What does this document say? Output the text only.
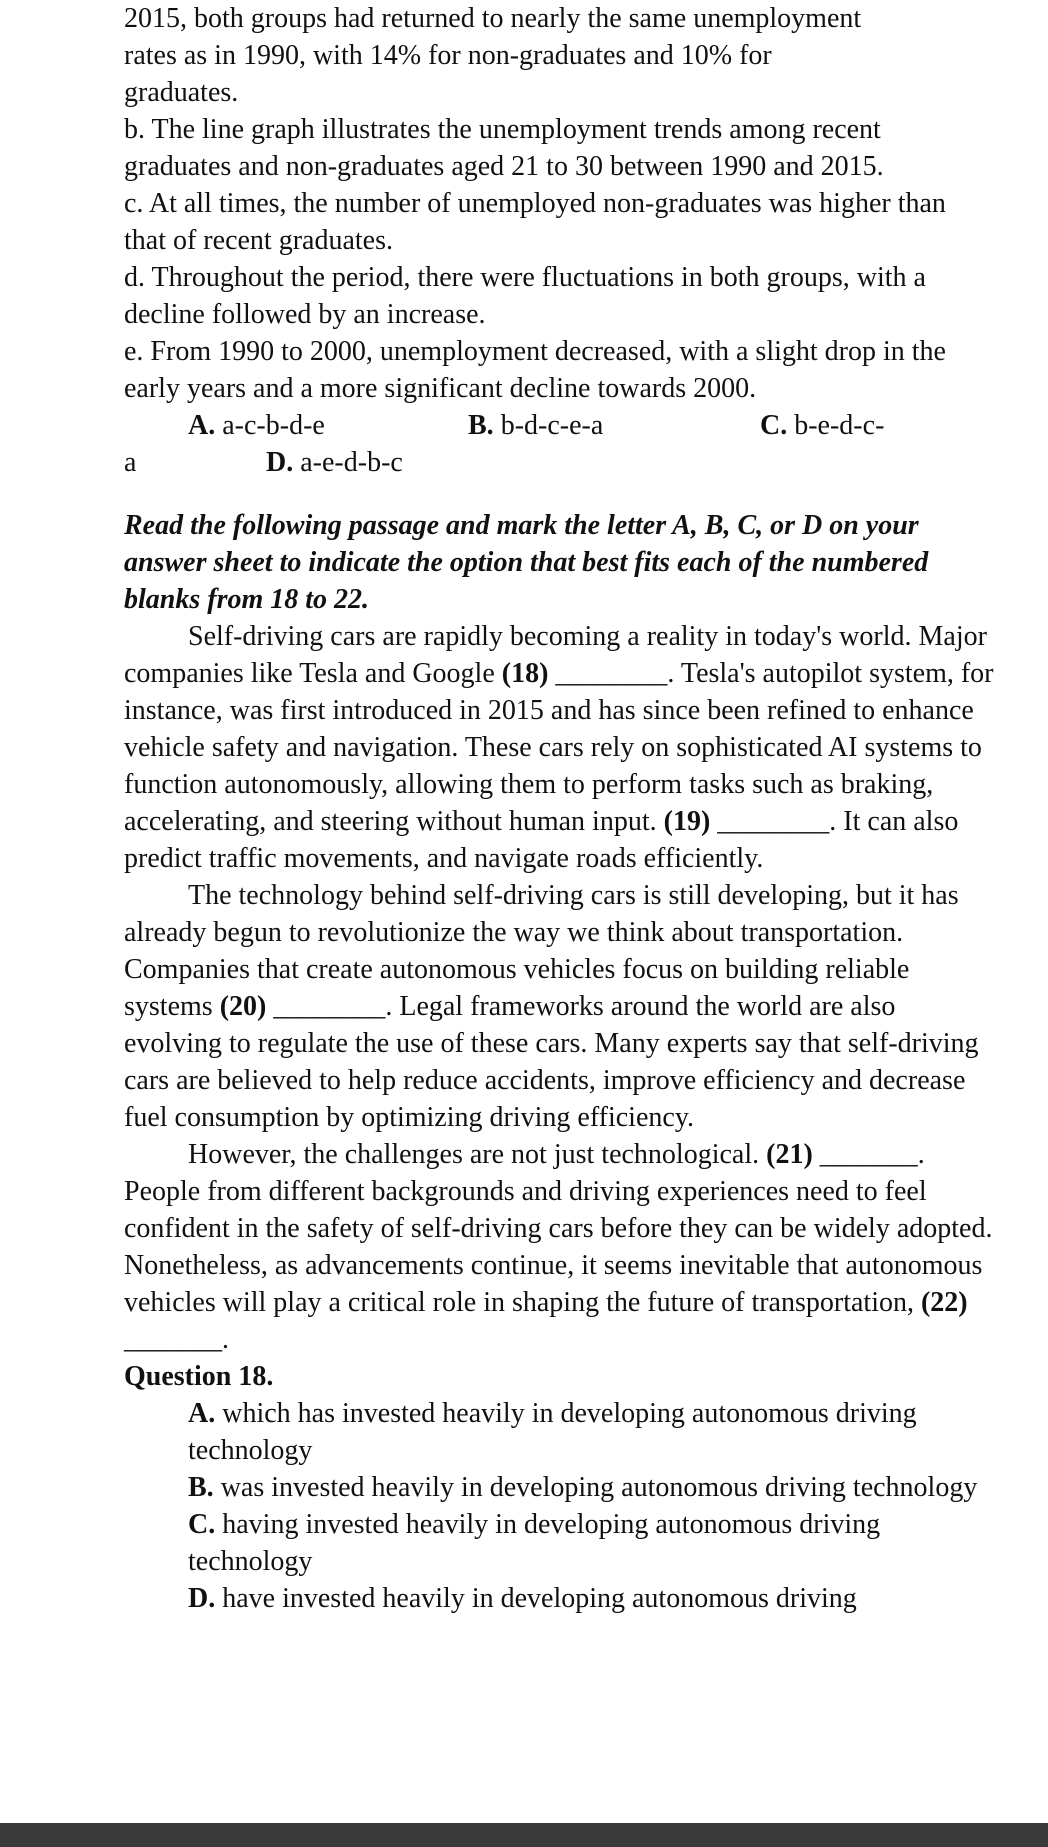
2015, both groups had returned to nearly the same unemployment
rates as in 1990, with 14% for non-graduates and 10% for
graduates.

b. The line graph illustrates the unemployment trends among recent graduates and non-graduates aged 21 to 30 between 1990 and 2015.

c. At all times, the number of unemployed non-graduates was higher than that of recent graduates.

d. Throughout the period, there were fluctuations in both groups, with a decline followed by an increase.

e. From 1990 to 2000, unemployment decreased, with a slight drop in the early years and a more significant decline towards 2000.

A. a-c-b-d-e	B. b-d-c-e-a	C. b-e-d-c-
a	D. a-e-d-b-c

Read the following passage and mark the letter A, B, C, or D on your answer sheet to indicate the option that best fits each of the numbered blanks from 18 to 22.

Self-driving cars are rapidly becoming a reality in today's world. Major companies like Tesla and Google (18) ________. Tesla's autopilot system, for instance, was first introduced in 2015 and has since been refined to enhance vehicle safety and navigation. These cars rely on sophisticated AI systems to function autonomously, allowing them to perform tasks such as braking, accelerating, and steering without human input. (19) ________. It can also predict traffic movements, and navigate roads efficiently.

The technology behind self-driving cars is still developing, but it has already begun to revolutionize the way we think about transportation. Companies that create autonomous vehicles focus on building reliable systems (20) ________. Legal frameworks around the world are also evolving to regulate the use of these cars. Many experts say that self-driving cars are believed to help reduce accidents, improve efficiency and decrease fuel consumption by optimizing driving efficiency.

However, the challenges are not just technological. (21) _______. People from different backgrounds and driving experiences need to feel confident in the safety of self-driving cars before they can be widely adopted. Nonetheless, as advancements continue, it seems inevitable that autonomous vehicles will play a critical role in shaping the future of transportation, (22) _______.

Question 18.

A. which has invested heavily in developing autonomous driving technology

B. was invested heavily in developing autonomous driving technology

C. having invested heavily in developing autonomous driving technology

D. have invested heavily in developing autonomous driving
